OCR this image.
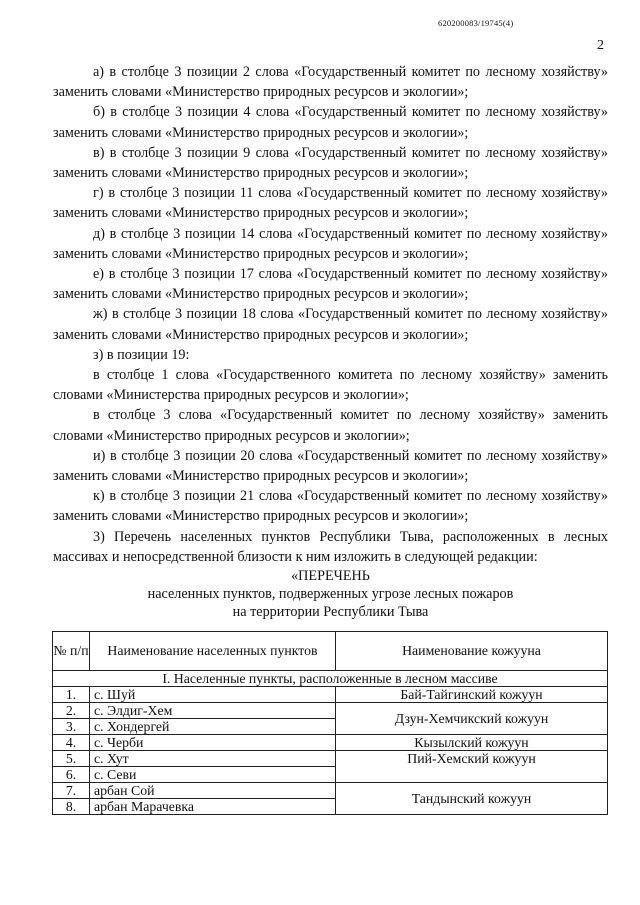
620200083/19745(4)
2

а) в столбце 3 позиции 2 слова «Государственный комитет по лесному хозяйству» заменить словами «Министерство природных ресурсов и экологии»;

б) в столбце 3 позиции 4 слова «Государственный комитет по лесному хозяйству» заменить словами «Министерство природных ресурсов и экологии»;

в) в столбце 3 позиции 9 слова «Государственный комитет по лесному хозяйству» заменить словами «Министерство природных ресурсов и экологии»;

г) в столбце 3 позиции 11 слова «Государственный комитет по лесному хозяйству» заменить словами «Министерство природных ресурсов и экологии»;

д) в столбце 3 позиции 14 слова «Государственный комитет по лесному хозяйству» заменить словами «Министерство природных ресурсов и экологии»;

е) в столбце 3 позиции 17 слова «Государственный комитет по лесному хозяйству» заменить словами «Министерство природных ресурсов и экологии»;

ж) в столбце 3 позиции 18 слова «Государственный комитет по лесному хозяйству» заменить словами «Министерство природных ресурсов и экологии»;

з) в позиции 19:

в столбце 1 слова «Государственного комитета по лесному хозяйству» заменить словами «Министерства природных ресурсов и экологии»;

в столбце 3 слова «Государственный комитет по лесному хозяйству» заменить словами «Министерство природных ресурсов и экологии»;

и) в столбце 3 позиции 20 слова «Государственный комитет по лесному хозяйству» заменить словами «Министерство природных ресурсов и экологии»;

к) в столбце 3 позиции 21 слова «Государственный комитет по лесному хозяйству» заменить словами «Министерство природных ресурсов и экологии»;

3) Перечень населенных пунктов Республики Тыва, расположенных в лесных массивах и непосредственной близости к ним изложить в следующей редакции:

«ПЕРЕЧЕНЬ
населенных пунктов, подверженных угрозе лесных пожаров
на территории Республики Тыва
№ п/п	Наименование населенных пунктов	Наименование кожууна
I. Населенные пункты, расположенные в лесном массиве		
1.	с. Шуй	Бай-Тайгинский кожуун
2.	с. Элдиг-Хем	Дзун-Хемчикский кожуун
3.	с. Хондергей	
4.	с. Черби	Кызылский кожуун
5.	с. Хут	Пий-Хемский кожуун
6.	с. Севи	
7.	арбан Сой	Тандынский кожуун
8.	арбан Марачевка	
